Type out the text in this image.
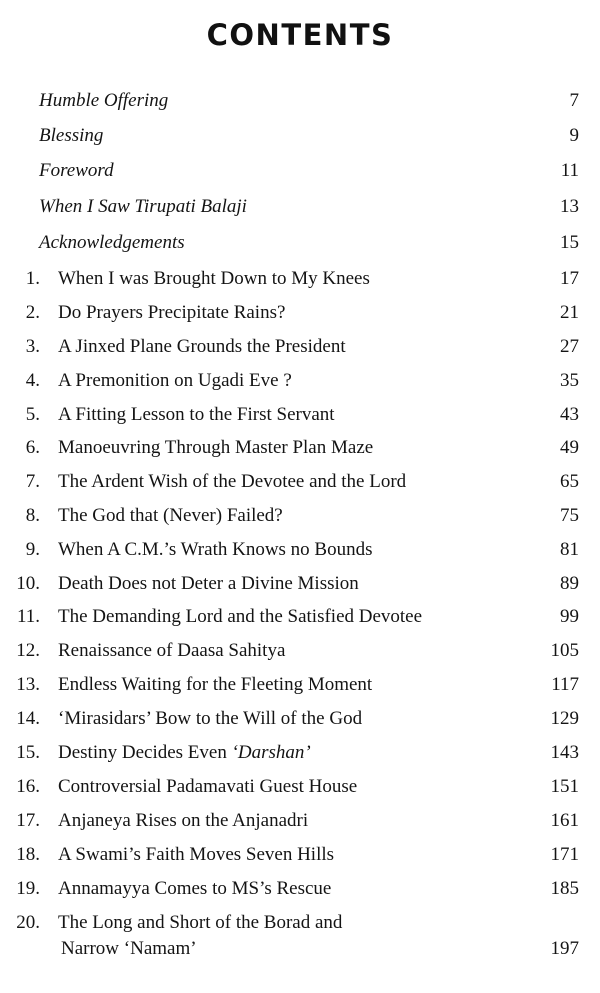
CONTENTS
Humble Offering	7
Blessing	9
Foreword	11
When I Saw Tirupati Balaji	13
Acknowledgements	15
1. When I was Brought Down to My Knees	17
2. Do Prayers Precipitate Rains?	21
3. A Jinxed Plane Grounds the President	27
4. A Premonition on Ugadi Eve ?	35
5. A Fitting Lesson to the First Servant	43
6. Manoeuvring Through Master Plan Maze	49
7. The Ardent Wish of the Devotee and the Lord	65
8. The God that (Never) Failed?	75
9. When A C.M.’s Wrath Knows no Bounds	81
10. Death Does not Deter a Divine Mission	89
11. The Demanding Lord and the Satisfied Devotee	99
12. Renaissance of Daasa Sahitya	105
13. Endless Waiting for the Fleeting Moment	117
14. ‘Mirasidars’ Bow to the Will of the God	129
15. Destiny Decides Even ‘Darshan’	143
16. Controversial Padamavati Guest House	151
17. Anjaneya Rises on the Anjanadri	161
18. A Swami’s Faith Moves Seven Hills	171
19. Annamayya Comes to MS’s Rescue	185
20. The Long and Short of the Borad and
Narrow ‘Namam’	197
